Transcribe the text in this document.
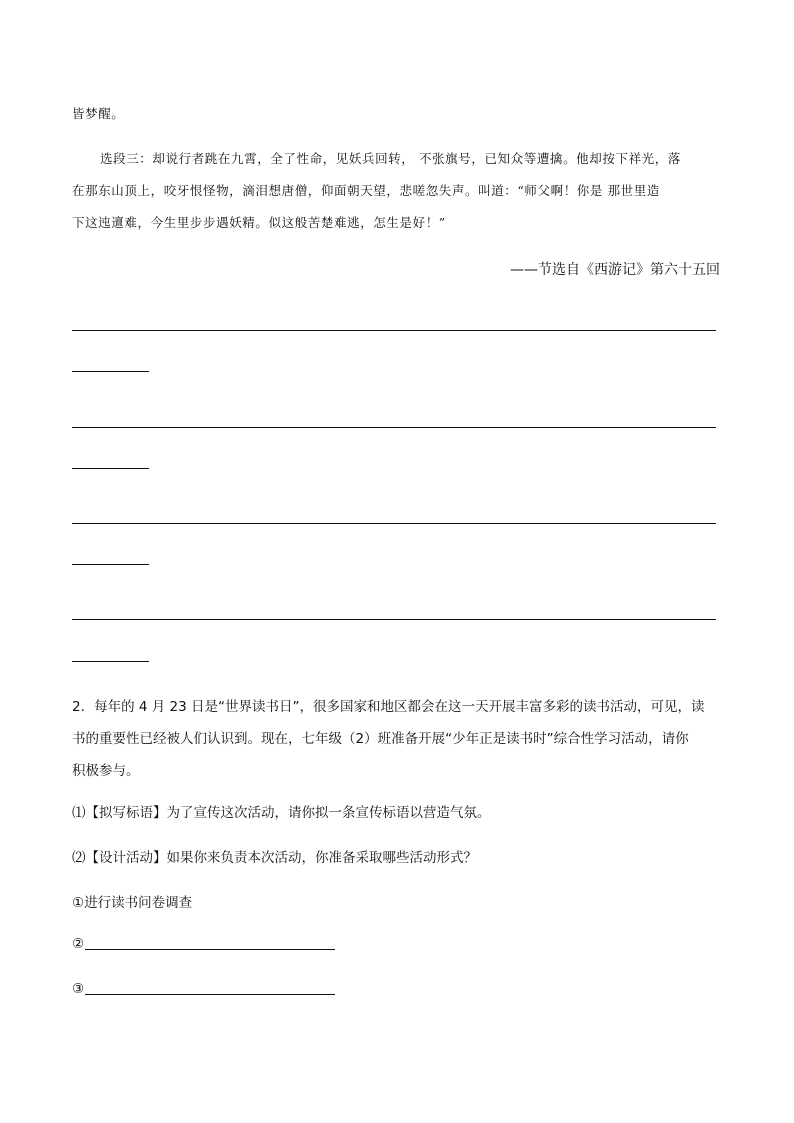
皆梦醒。
选段三：却说行者跳在九霄，全了性命，见妖兵回转， 不张旗号，已知众等遭擒。他却按下祥光，落
在那东山顶上，咬牙恨怪物，滴泪想唐僧，仰面朝天望，悲嗟忽失声。叫道：“师父啊！你是 那世里造
下这迍邅难，今生里步步遇妖精。似这般苦楚难逃，怎生是好！”
——节选自《西游记》第六十五回
2．每年的 4 月 23 日是“世界读书日”，很多国家和地区都会在这一天开展丰富多彩的读书活动，可见，读
书的重要性已经被人们认识到。现在，七年级（2）班准备开展“少年正是读书时”综合性学习活动，请你
积极参与。
⑴【拟写标语】为了宣传这次活动，请你拟一条宣传标语以营造气氛。
⑵【设计活动】如果你来负责本次活动，你准备采取哪些活动形式？
①进行读书问卷调查
②
③
